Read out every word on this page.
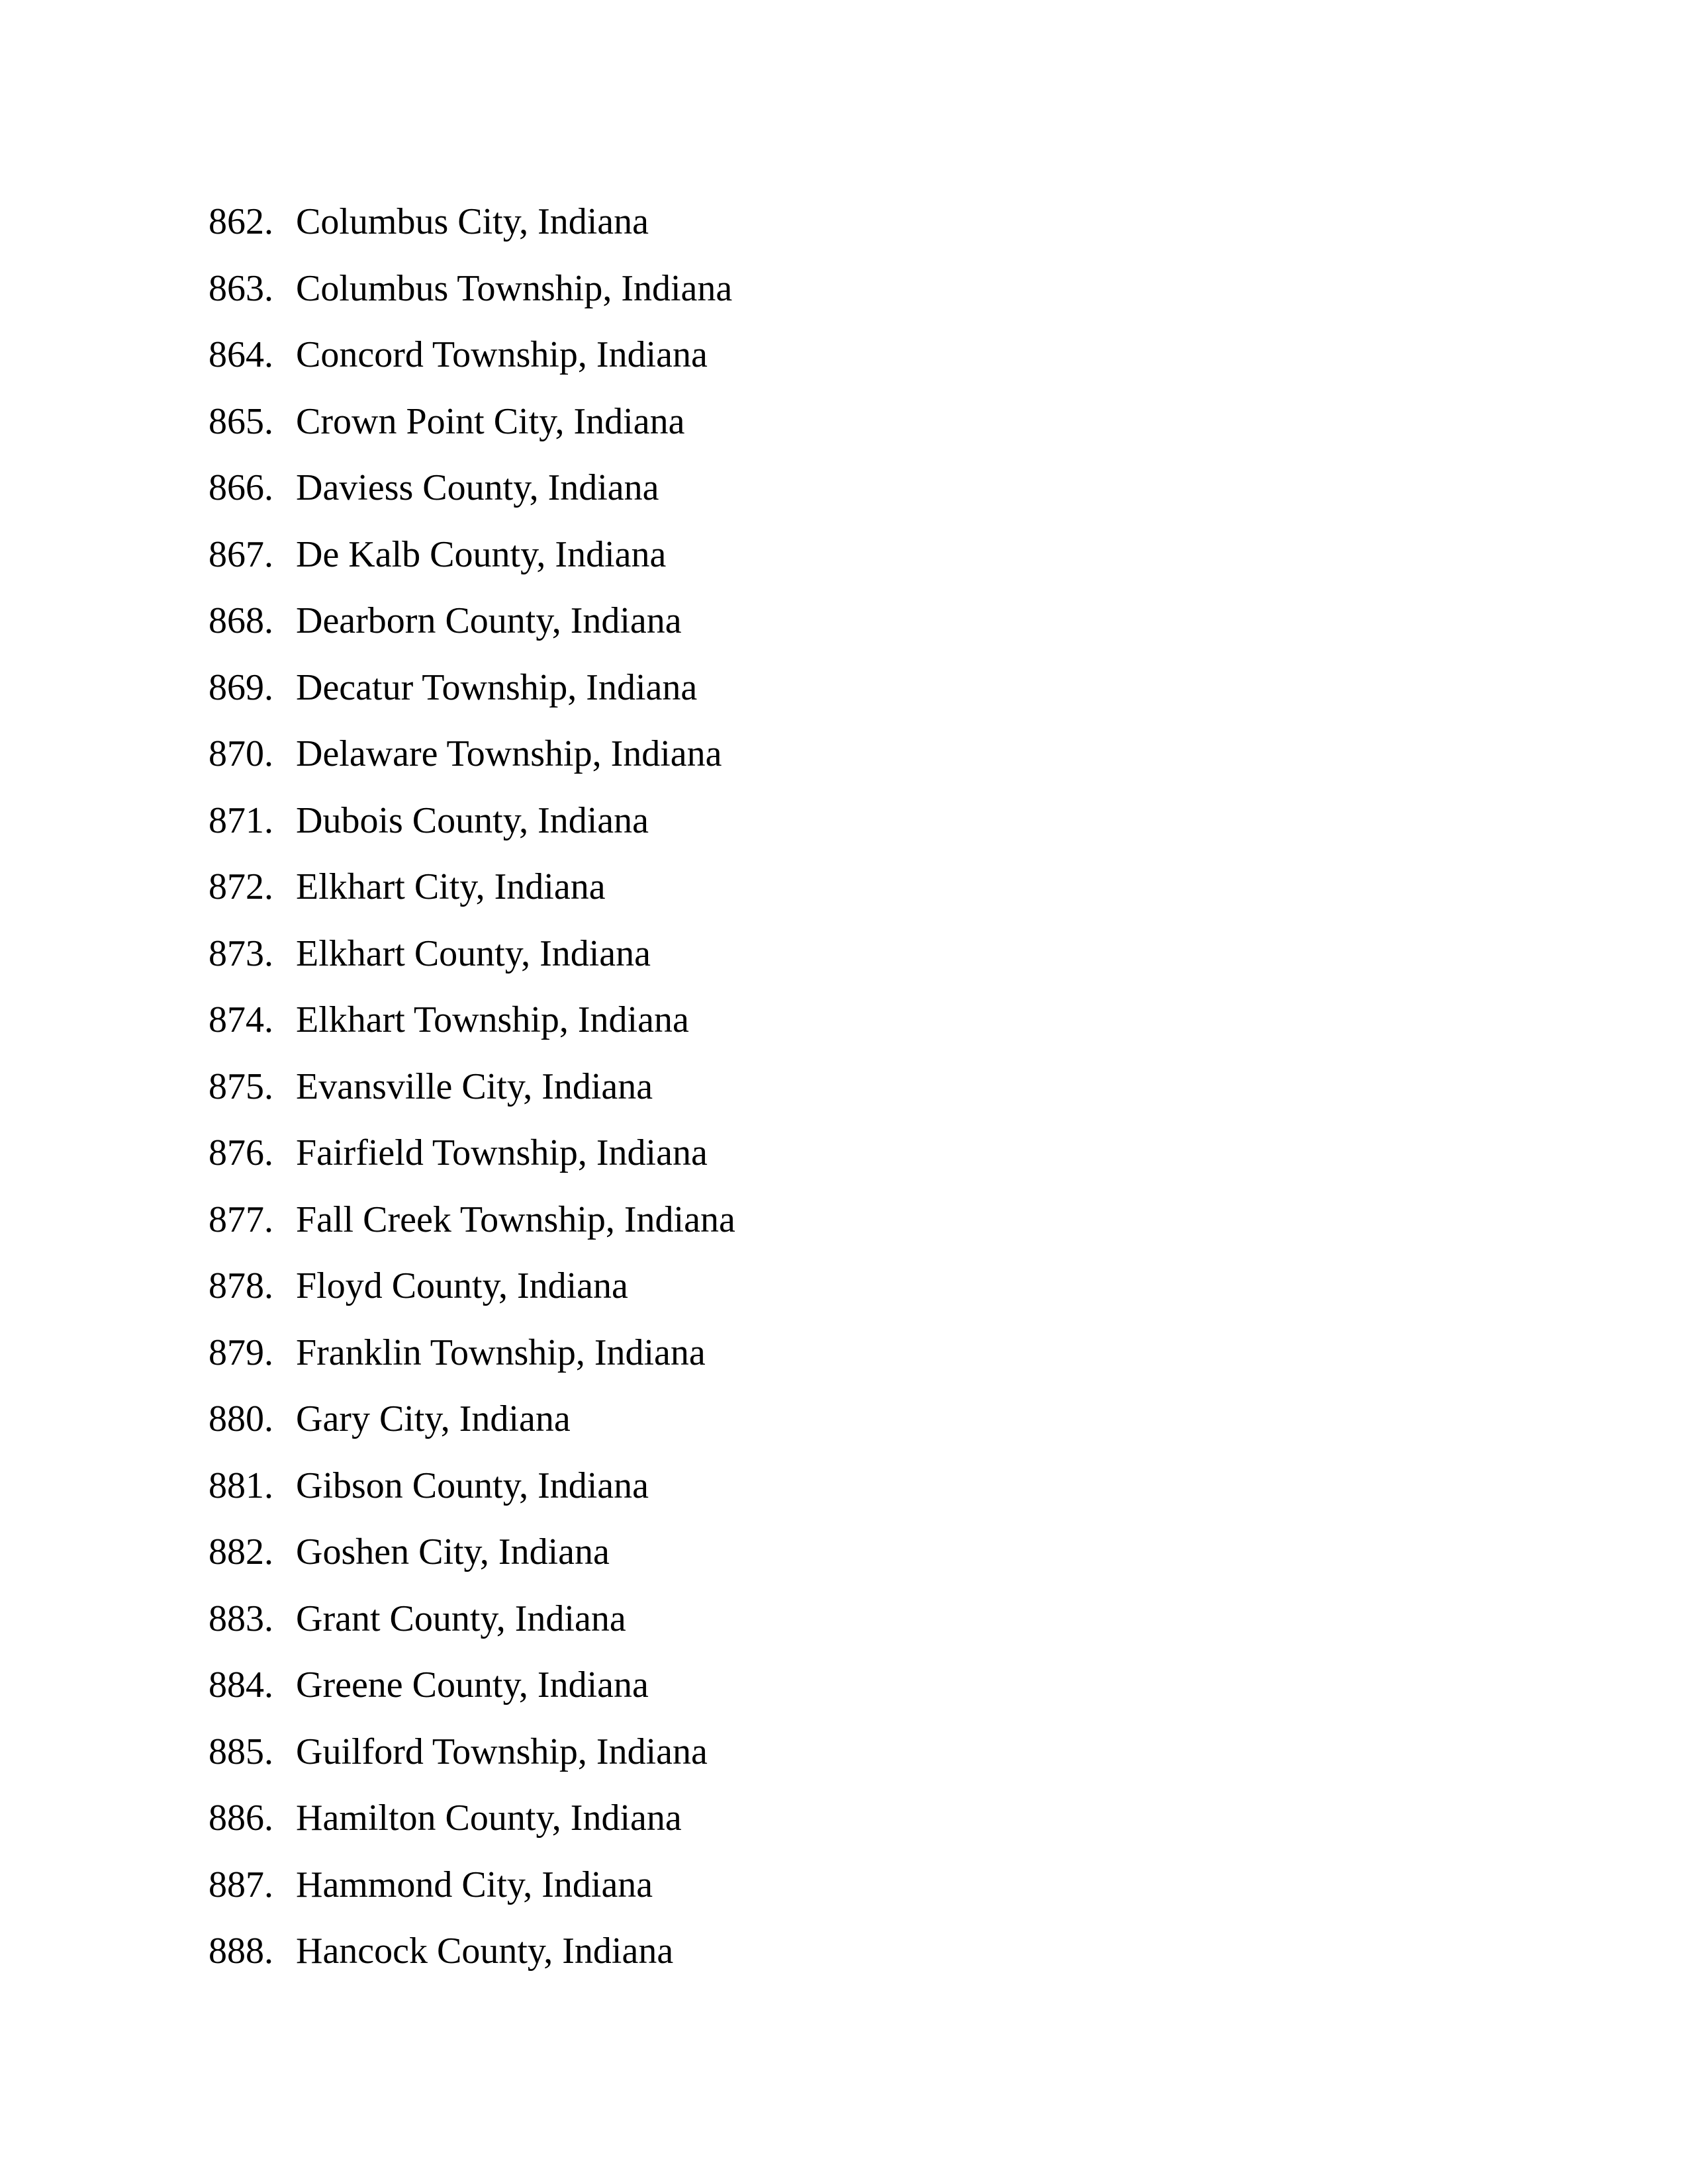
862. Columbus City, Indiana
863. Columbus Township, Indiana
864. Concord Township, Indiana
865. Crown Point City, Indiana
866. Daviess County, Indiana
867. De Kalb County, Indiana
868. Dearborn County, Indiana
869. Decatur Township, Indiana
870. Delaware Township, Indiana
871. Dubois County, Indiana
872. Elkhart City, Indiana
873. Elkhart County, Indiana
874. Elkhart Township, Indiana
875. Evansville City, Indiana
876. Fairfield Township, Indiana
877. Fall Creek Township, Indiana
878. Floyd County, Indiana
879. Franklin Township, Indiana
880. Gary City, Indiana
881. Gibson County, Indiana
882. Goshen City, Indiana
883. Grant County, Indiana
884. Greene County, Indiana
885. Guilford Township, Indiana
886. Hamilton County, Indiana
887. Hammond City, Indiana
888. Hancock County, Indiana
